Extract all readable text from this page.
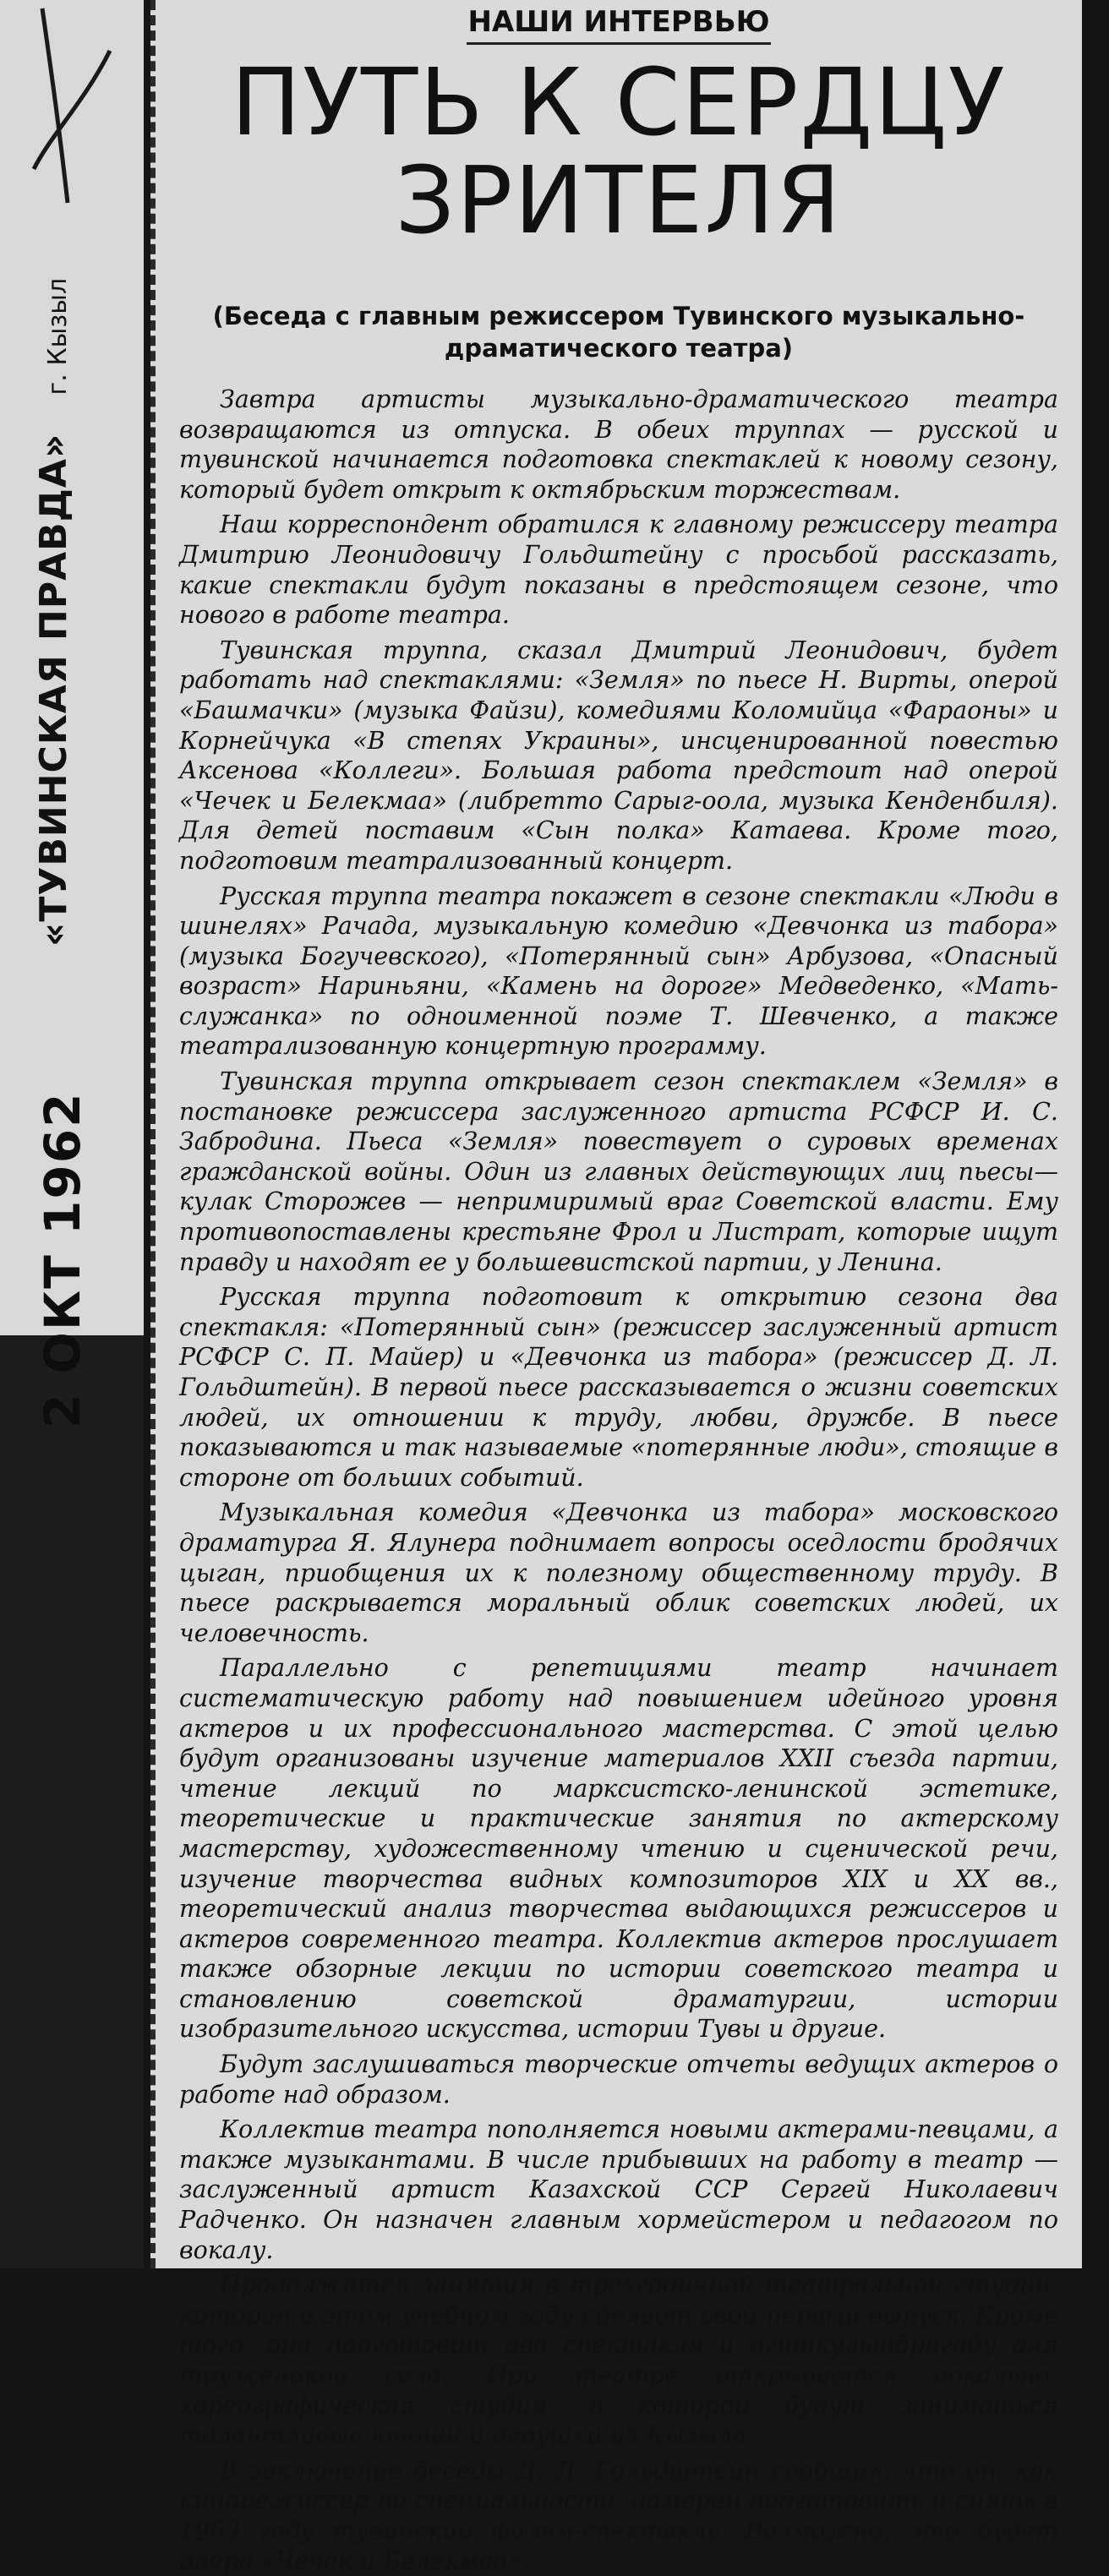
«ТУВИНСКАЯ ПРАВДА» г. Кызыл
2 ОКТ 1962
НАШИ ИНТЕРВЬЮ
ПУТЬ К СЕРДЦУ
ЗРИТЕЛЯ
(Беседа с главным режиссером Тувинского музыкально-драматического театра)

Завтра артисты музыкально-драматического театра возвращаются из отпуска. В обеих труппах — русской и тувинской начинается подготовка спектаклей к новому сезону, который будет открыт к октябрьским торжествам.

Наш корреспондент обратился к главному режиссеру театра Дмитрию Леонидовичу Гольдштейну с просьбой рассказать, какие спектакли будут показаны в предстоящем сезоне, что нового в работе театра.

Тувинская труппа, сказал Дмитрий Леонидович, будет работать над спектаклями: «Земля» по пьесе Н. Вирты, оперой «Башмачки» (музыка Файзи), комедиями Коломийца «Фараоны» и Корнейчука «В степях Украины», инсценированной повестью Аксенова «Коллеги». Большая работа предстоит над оперой «Чечек и Белекмаа» (либретто Сарыг-оола, музыка Кенденбиля). Для детей поставим «Сын полка» Катаева. Кроме того, подготовим театрализованный концерт.

Русская труппа театра покажет в сезоне спектакли «Люди в шинелях» Рачада, музыкальную комедию «Девчонка из табора» (музыка Богучевского), «Потерянный сын» Арбузова, «Опасный возраст» Нариньяни, «Камень на дороге» Медведенко, «Мать-служанка» по одноименной поэме Т. Шевченко, а также театрализованную концертную программу.

Тувинская труппа открывает сезон спектаклем «Земля» в постановке режиссера заслуженного артиста РСФСР И. С. Забродина. Пьеса «Земля» повествует о суровых временах гражданской войны. Один из главных действующих лиц пьесы—кулак Сторожев — непримиримый враг Советской власти. Ему противопоставлены крестьяне Фрол и Листрат, которые ищут правду и находят ее у большевистской партии, у Ленина.

Русская труппа подготовит к открытию сезона два спектакля: «Потерянный сын» (режиссер заслуженный артист РСФСР С. П. Майер) и «Девчонка из табора» (режиссер Д. Л. Гольдштейн). В первой пьесе рассказывается о жизни советских людей, их отношении к труду, любви, дружбе. В пьесе показываются и так называемые «потерянные люди», стоящие в стороне от больших событий.

Музыкальная комедия «Девчонка из табора» московского драматурга Я. Ялунера поднимает вопросы оседлости бродячих цыган, приобщения их к полезному общественному труду. В пьесе раскрывается моральный облик советских людей, их человечность.

Параллельно с репетициями театр начинает систематическую работу над повышением идейного уровня актеров и их профессионального мастерства. С этой целью будут организованы изучение материалов XXII съезда партии, чтение лекций по марксистско-ленинской эстетике, теоретические и практические занятия по актерскому мастерству, художественному чтению и сценической речи, изучение творчества видных композиторов XIX и XX вв., теоретический анализ творчества выдающихся режиссеров и актеров современного театра. Коллектив актеров прослушает также обзорные лекции по истории советского театра и становлению советской драматургии, истории изобразительного искусства, истории Тувы и другие.

Будут заслушиваться творческие отчеты ведущих актеров о работе над образом.

Коллектив театра пополняется новыми актерами-певцами, а также музыкантами. В числе прибывших на работу в театр — заслуженный артист Казахской ССР Сергей Николаевич Радченко. Он назначен главным хормейстером и педагогом по вокалу.

Продолжатся занятия в трехгодичной театральной студии, которая в этом учебном году сделает свой первый выпуск. Кроме того, она подготовит два спектакля и агиткультбригаду для тружеников села. При театре открывается вокально-хореографическая студия, в которой будут заниматься талантливые юноши и девушки из Кызыла.

В заключение беседы Д. Л. Гольдштейн сообщил, что он, как кинорежиссер по специальности, намерен подготовить и снять в 1963 году тувинский фильм-спектакль. Возможно, это будет опера «Чечек и Белекмаа».
